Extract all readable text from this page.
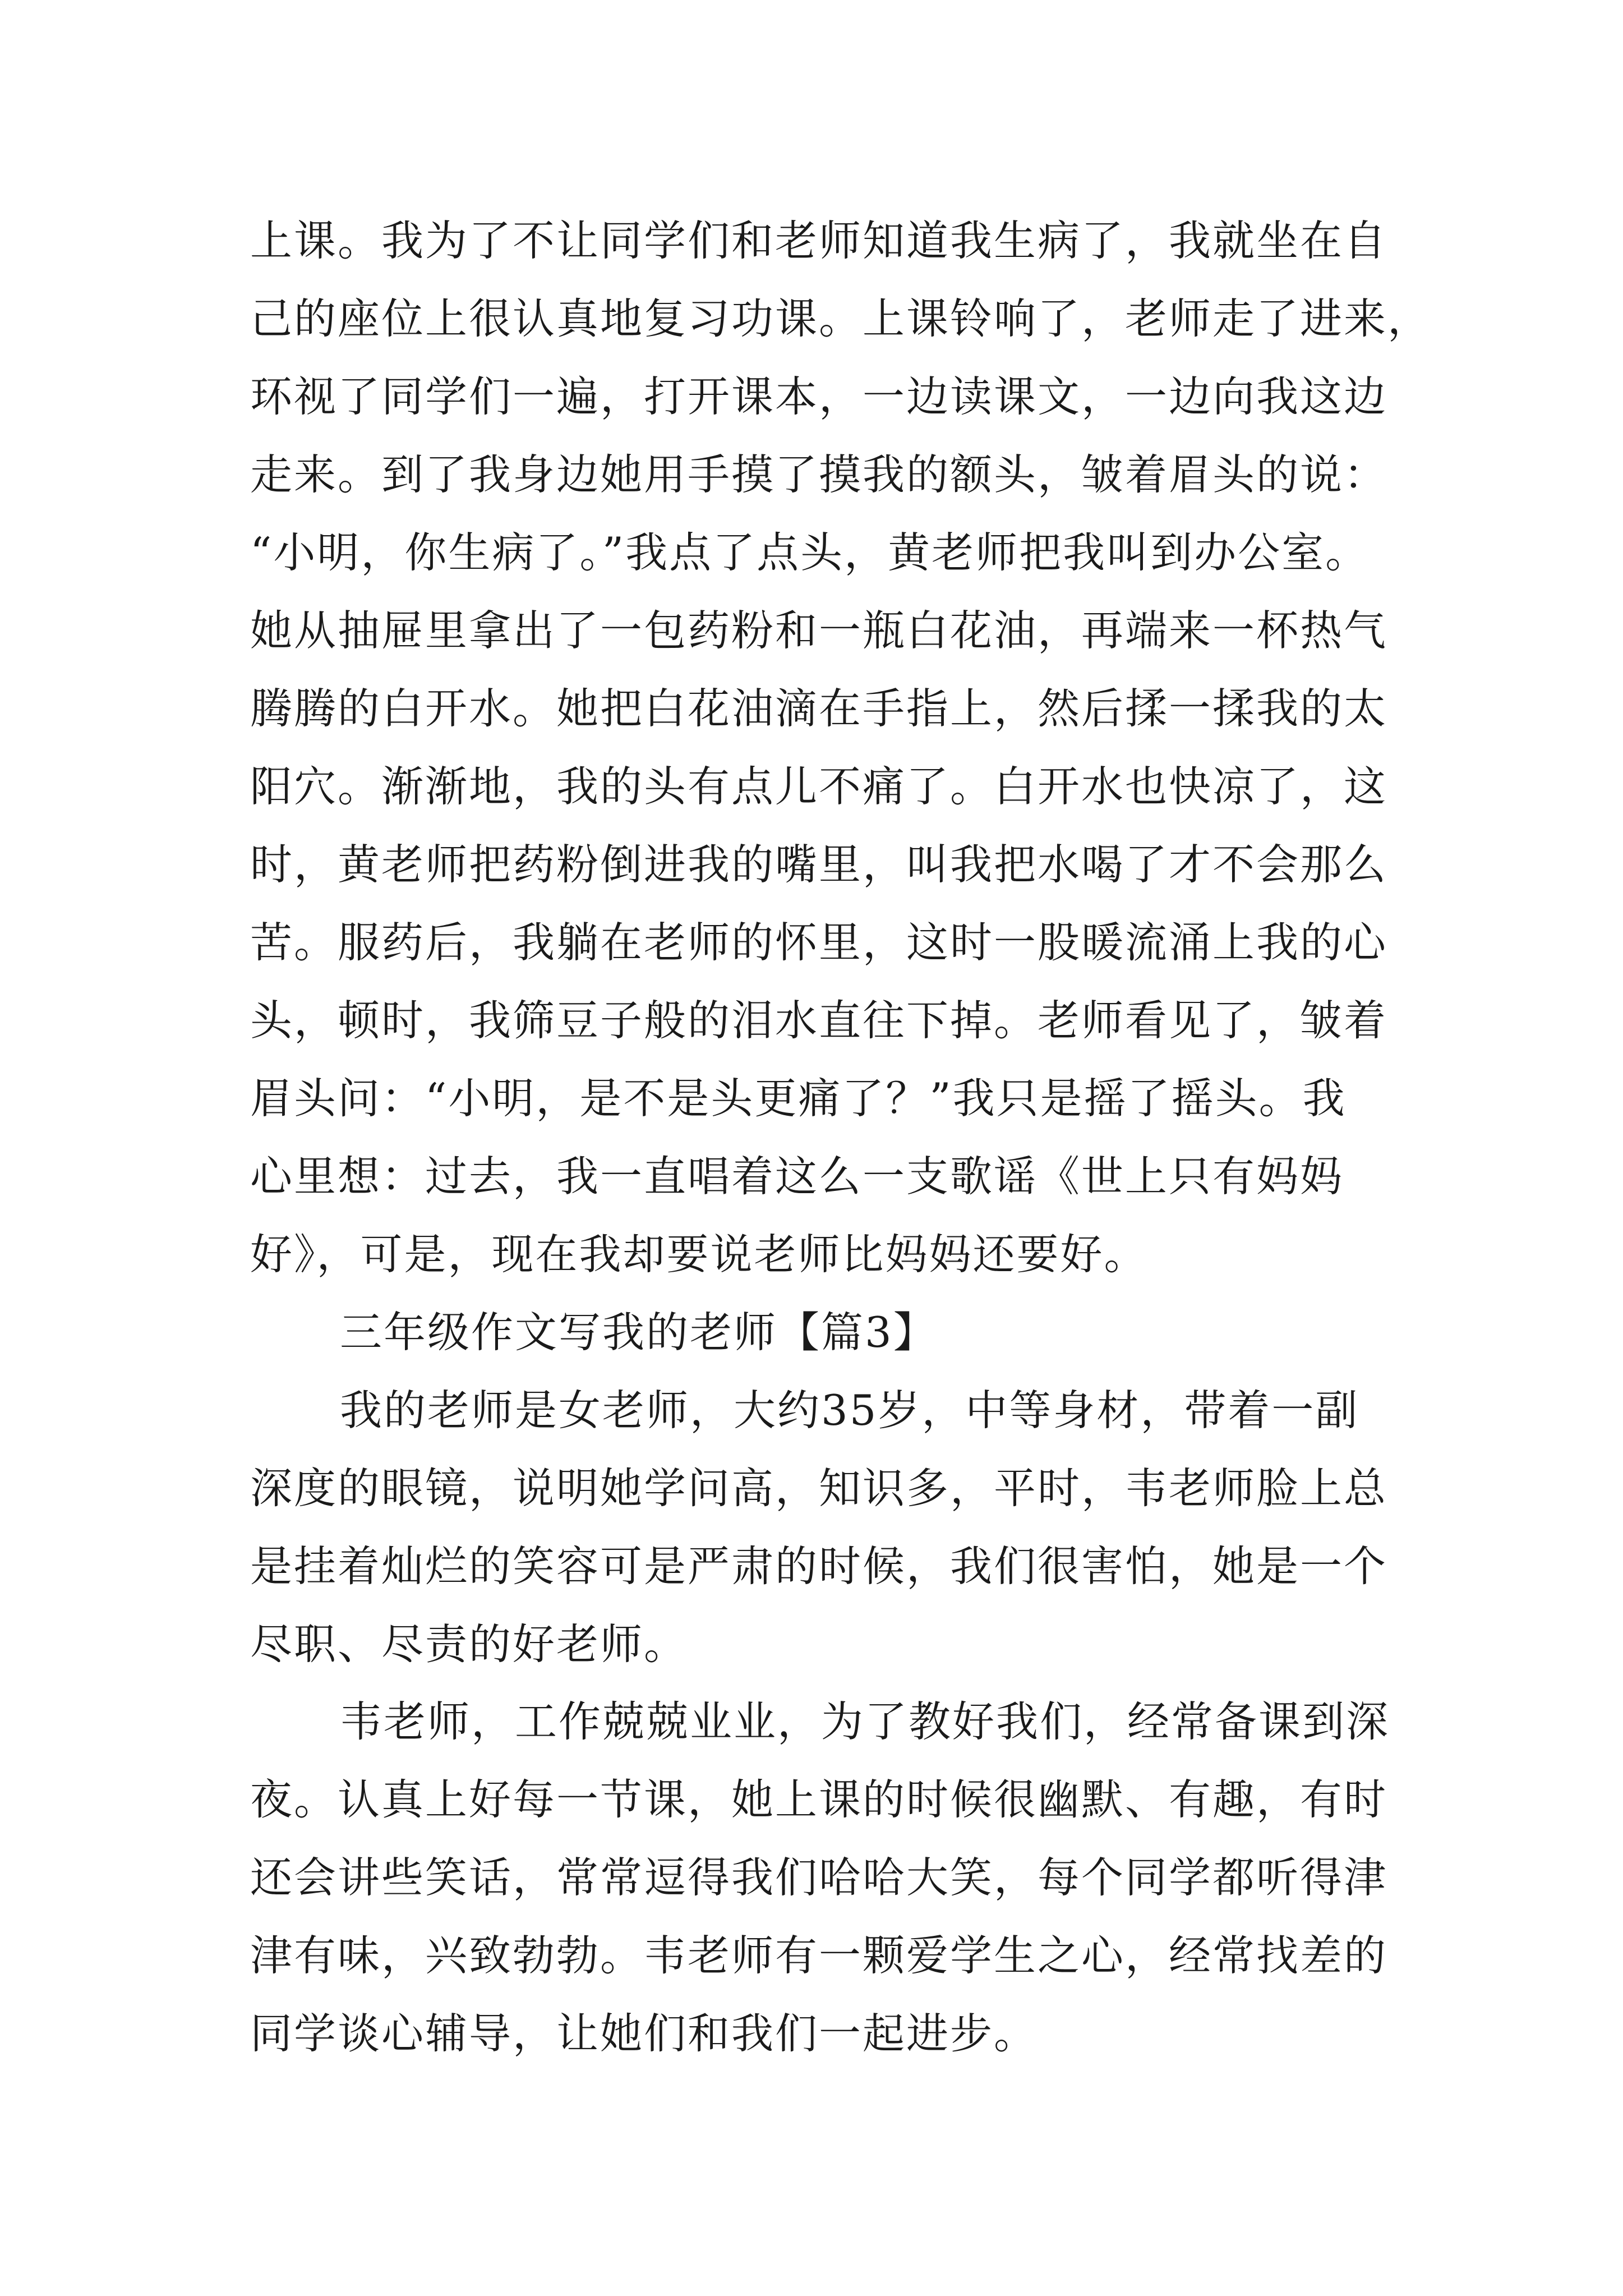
上课。我为了不让同学们和老师知道我生病了，我就坐在自
己的座位上很认真地复习功课。上课铃响了，老师走了进来，
环视了同学们一遍，打开课本，一边读课文，一边向我这边
走来。到了我身边她用手摸了摸我的额头，皱着眉头的说：
“小明，你生病了。”我点了点头，黄老师把我叫到办公室。
她从抽屉里拿出了一包药粉和一瓶白花油，再端来一杯热气
腾腾的白开水。她把白花油滴在手指上，然后揉一揉我的太
阳穴。渐渐地，我的头有点儿不痛了。白开水也快凉了，这
时，黄老师把药粉倒进我的嘴里，叫我把水喝了才不会那么
苦。服药后，我躺在老师的怀里，这时一股暖流涌上我的心
头，顿时，我筛豆子般的泪水直往下掉。老师看见了，皱着
眉头问：“小明，是不是头更痛了？”我只是摇了摇头。我
心里想：过去，我一直唱着这么一支歌谣《世上只有妈妈
好》，可是，现在我却要说老师比妈妈还要好。
三年级作文写我的老师【篇3】
我的老师是女老师，大约35岁，中等身材，带着一副
深度的眼镜，说明她学问高，知识多，平时，韦老师脸上总
是挂着灿烂的笑容可是严肃的时候，我们很害怕，她是一个
尽职、尽责的好老师。
韦老师，工作兢兢业业，为了教好我们，经常备课到深
夜。认真上好每一节课，她上课的时候很幽默、有趣，有时
还会讲些笑话，常常逗得我们哈哈大笑，每个同学都听得津
津有味，兴致勃勃。韦老师有一颗爱学生之心，经常找差的
同学谈心辅导，让她们和我们一起进步。
